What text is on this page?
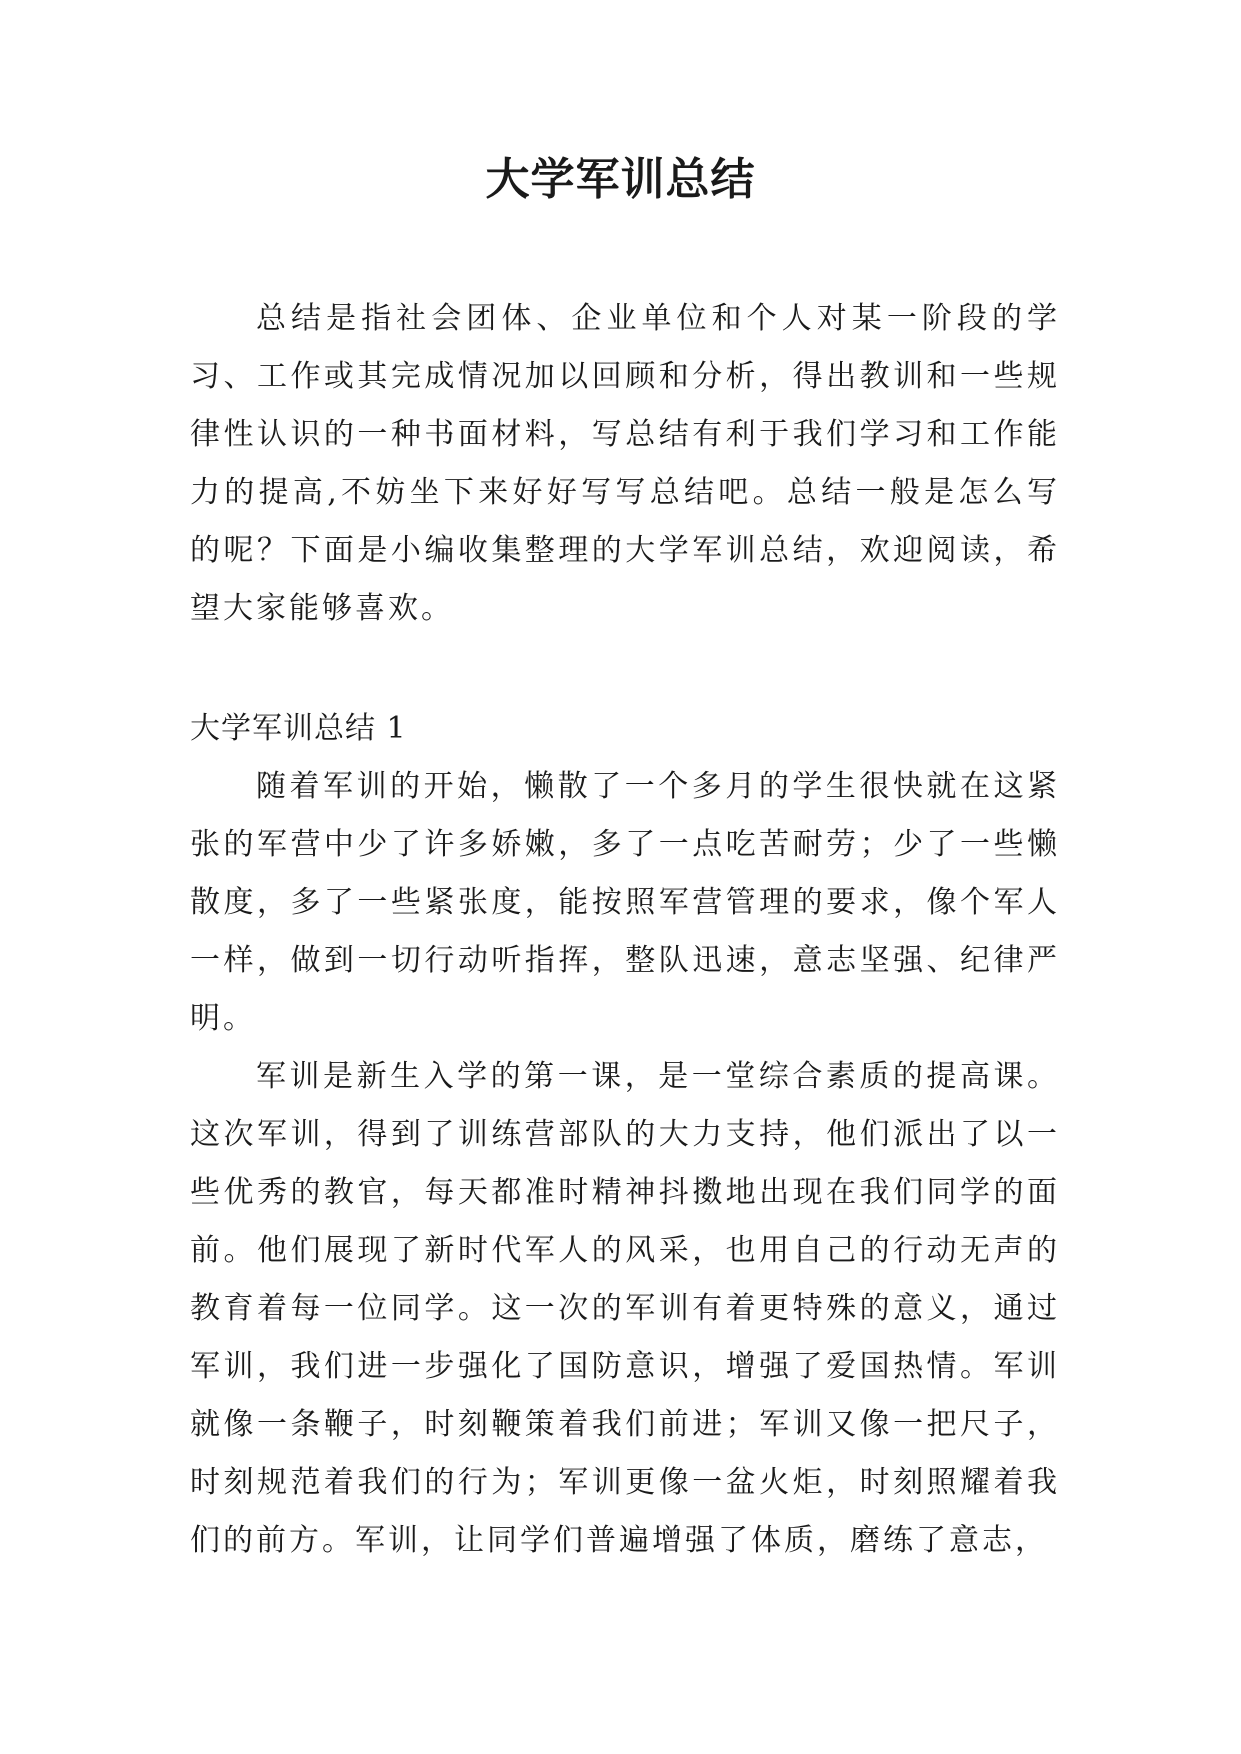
大学军训总结

总结是指社会团体、企业单位和个人对某一阶段的学习、工作或其完成情况加以回顾和分析，得出教训和一些规律性认识的一种书面材料，写总结有利于我们学习和工作能力的提高,不妨坐下来好好写写总结吧。总结一般是怎么写的呢？下面是小编收集整理的大学军训总结，欢迎阅读，希望大家能够喜欢。

大学军训总结 1

随着军训的开始，懒散了一个多月的学生很快就在这紧张的军营中少了许多娇嫩，多了一点吃苦耐劳；少了一些懒散度，多了一些紧张度，能按照军营管理的要求，像个军人一样，做到一切行动听指挥，整队迅速，意志坚强、纪律严明。

军训是新生入学的第一课，是一堂综合素质的提高课。这次军训，得到了训练营部队的大力支持，他们派出了以一些优秀的教官，每天都准时精神抖擞地出现在我们同学的面前。他们展现了新时代军人的风采，也用自己的行动无声的教育着每一位同学。这一次的军训有着更特殊的意义，通过军训，我们进一步强化了国防意识，增强了爱国热情。军训就像一条鞭子，时刻鞭策着我们前进；军训又像一把尺子，时刻规范着我们的行为；军训更像一盆火炬，时刻照耀着我们的前方。军训，让同学们普遍增强了体质，磨练了意志，
